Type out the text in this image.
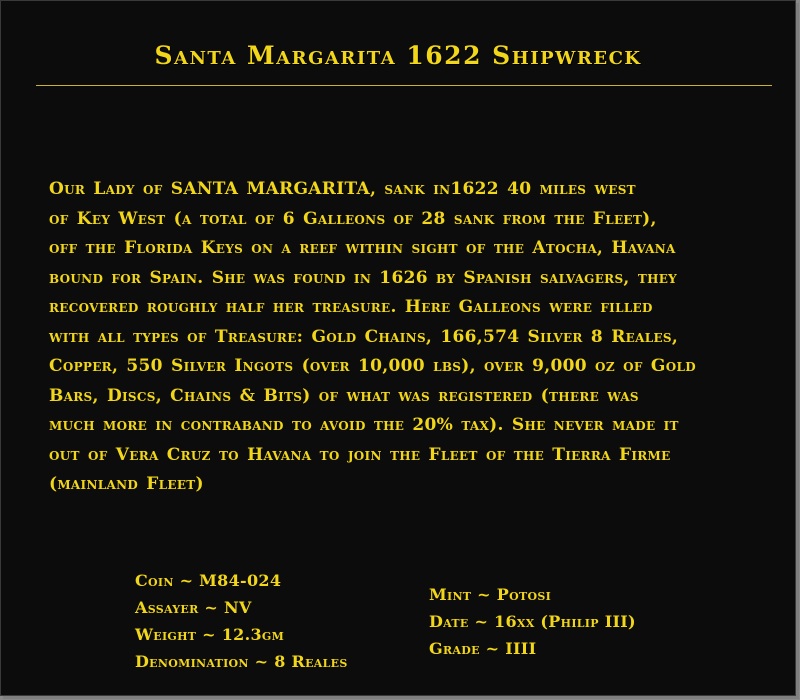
Santa Margarita 1622 Shipwreck
Our Lady of SANTA MARGARITA, sank in1622 40 miles west
of Key West (a total of 6 Galleons of 28 sank from the Fleet),
off the Florida Keys on a reef within sight of the Atocha, Havana
bound for Spain. She was found in 1626 by Spanish salvagers, they
recovered roughly half her treasure. Here Galleons were filled
with all types of Treasure: Gold Chains, 166,574 Silver 8 Reales,
Copper, 550 Silver Ingots (over 10,000 lbs), over 9,000 oz of Gold
Bars, Discs, Chains & Bits) of what was registered (there was
much more in contraband to avoid the 20% tax). She never made it
out of Vera Cruz to Havana to join the Fleet of the Tierra Firme
(mainland Fleet)
Coin ~ M84-024
Assayer ~ NV
Weight ~ 12.3gm
Denomination ~ 8 Reales
Mint ~ Potosi
Date ~ 16xx (Philip III)
Grade ~ IIII
